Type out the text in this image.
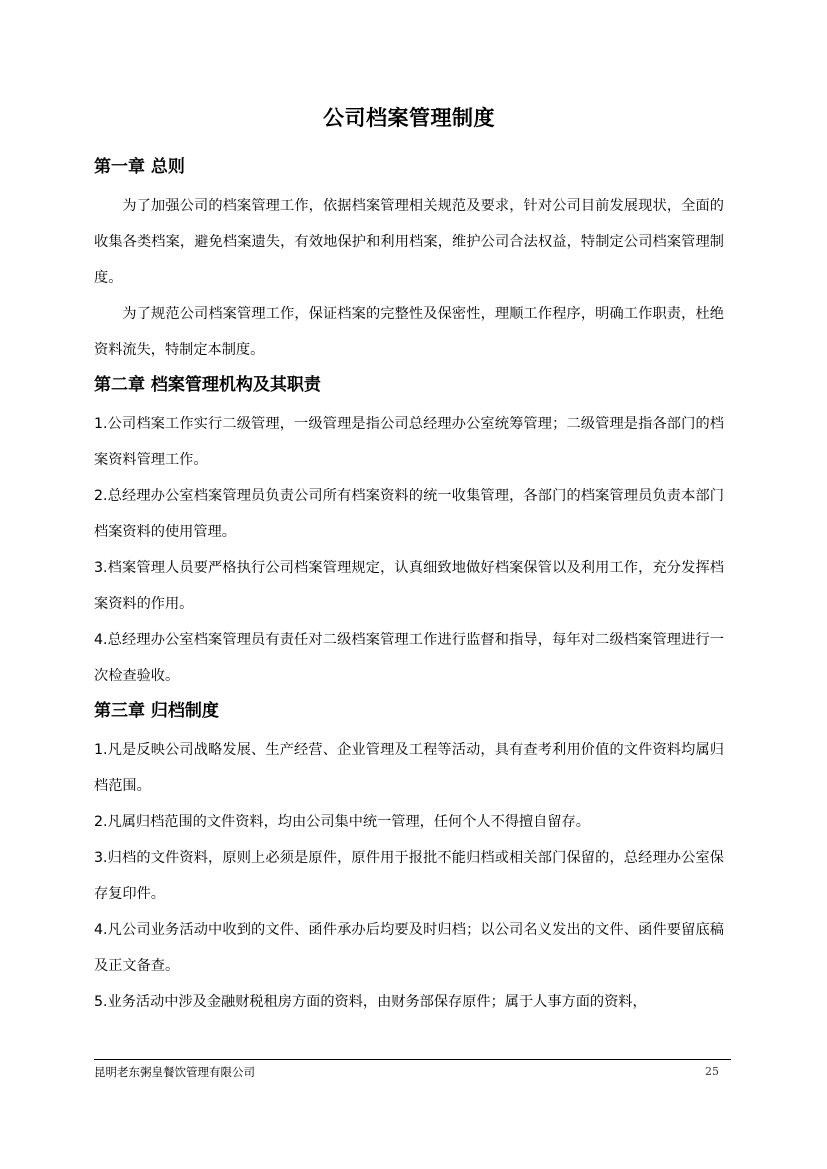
公司档案管理制度
第一章 总则

为了加强公司的档案管理工作，依据档案管理相关规范及要求，针对公司目前发展现状，全面的收集各类档案，避免档案遗失，有效地保护和利用档案，维护公司合法权益，特制定公司档案管理制度。

为了规范公司档案管理工作，保证档案的完整性及保密性，理顺工作程序，明确工作职责，杜绝资料流失，特制定本制度。

第二章 档案管理机构及其职责

1.公司档案工作实行二级管理，一级管理是指公司总经理办公室统筹管理；二级管理是指各部门的档案资料管理工作。

2.总经理办公室档案管理员负责公司所有档案资料的统一收集管理，各部门的档案管理员负责本部门档案资料的使用管理。

3.档案管理人员要严格执行公司档案管理规定，认真细致地做好档案保管以及利用工作，充分发挥档案资料的作用。

4.总经理办公室档案管理员有责任对二级档案管理工作进行监督和指导，每年对二级档案管理进行一次检查验收。

第三章 归档制度

1.凡是反映公司战略发展、生产经营、企业管理及工程等活动，具有查考利用价值的文件资料均属归档范围。

2.凡属归档范围的文件资料，均由公司集中统一管理，任何个人不得擅自留存。

3.归档的文件资料，原则上必须是原件，原件用于报批不能归档或相关部门保留的，总经理办公室保存复印件。

4.凡公司业务活动中收到的文件、函件承办后均要及时归档；以公司名义发出的文件、函件要留底稿及正文备查。

5.业务活动中涉及金融财税租房方面的资料，由财务部保存原件；属于人事方面的资料，

昆明老东粥皇餐饮管理有限公司	25
